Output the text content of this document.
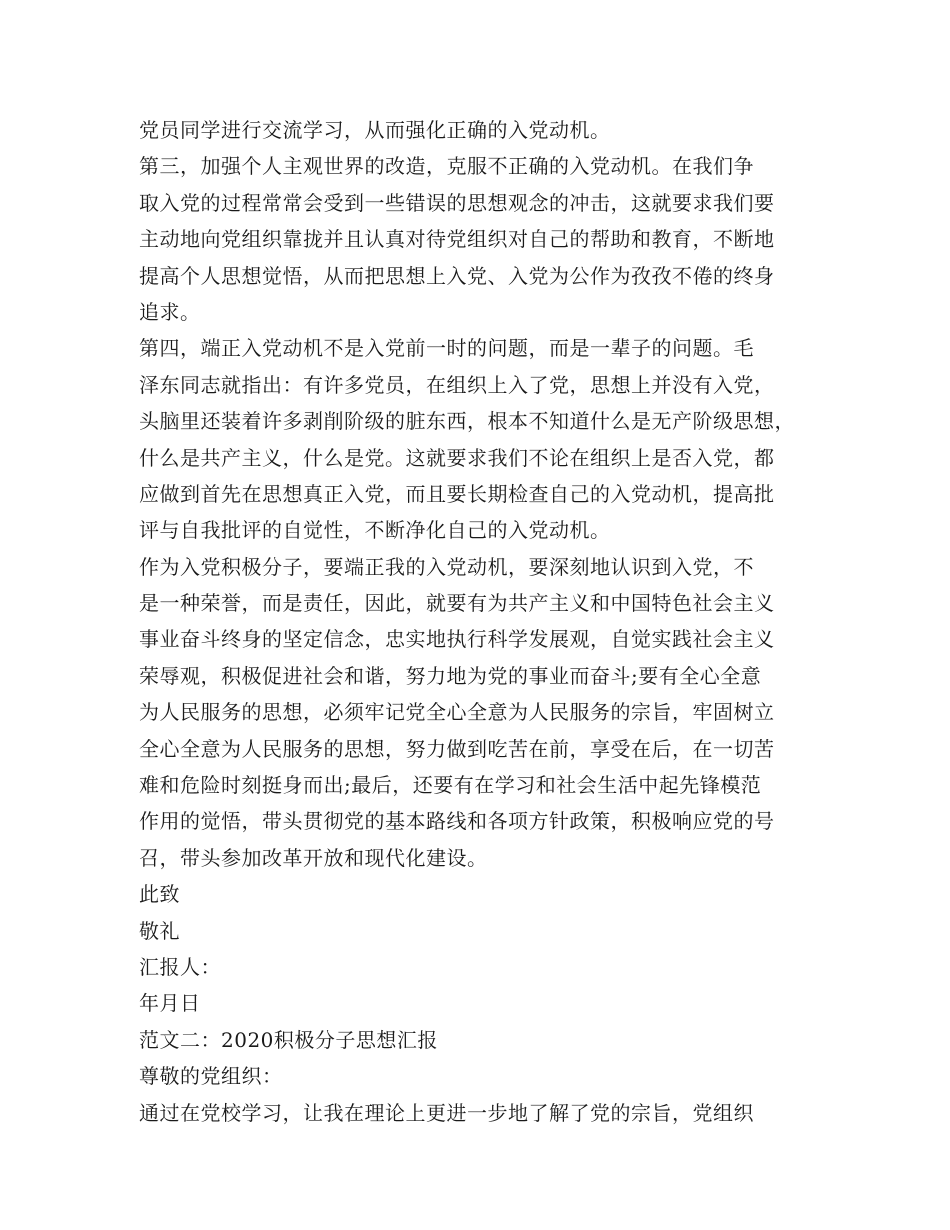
党员同学进行交流学习，从而强化正确的入党动机。
第三，加强个人主观世界的改造，克服不正确的入党动机。在我们争
取入党的过程常常会受到一些错误的思想观念的冲击，这就要求我们要
主动地向党组织靠拢并且认真对待党组织对自己的帮助和教育，不断地
提高个人思想觉悟，从而把思想上入党、入党为公作为孜孜不倦的终身
追求。
第四，端正入党动机不是入党前一时的问题，而是一辈子的问题。毛
泽东同志就指出：有许多党员，在组织上入了党，思想上并没有入党，
头脑里还装着许多剥削阶级的脏东西，根本不知道什么是无产阶级思想，
什么是共产主义，什么是党。这就要求我们不论在组织上是否入党，都
应做到首先在思想真正入党，而且要长期检查自己的入党动机，提高批
评与自我批评的自觉性，不断净化自己的入党动机。
作为入党积极分子，要端正我的入党动机，要深刻地认识到入党，不
是一种荣誉，而是责任，因此，就要有为共产主义和中国特色社会主义
事业奋斗终身的坚定信念，忠实地执行科学发展观，自觉实践社会主义
荣辱观，积极促进社会和谐，努力地为党的事业而奋斗;要有全心全意
为人民服务的思想，必须牢记党全心全意为人民服务的宗旨，牢固树立
全心全意为人民服务的思想，努力做到吃苦在前，享受在后，在一切苦
难和危险时刻挺身而出;最后，还要有在学习和社会生活中起先锋模范
作用的觉悟，带头贯彻党的基本路线和各项方针政策，积极响应党的号
召，带头参加改革开放和现代化建设。
此致
敬礼
汇报人：
年月日
范文二：2020积极分子思想汇报
尊敬的党组织：
通过在党校学习，让我在理论上更进一步地了解了党的宗旨，党组织
